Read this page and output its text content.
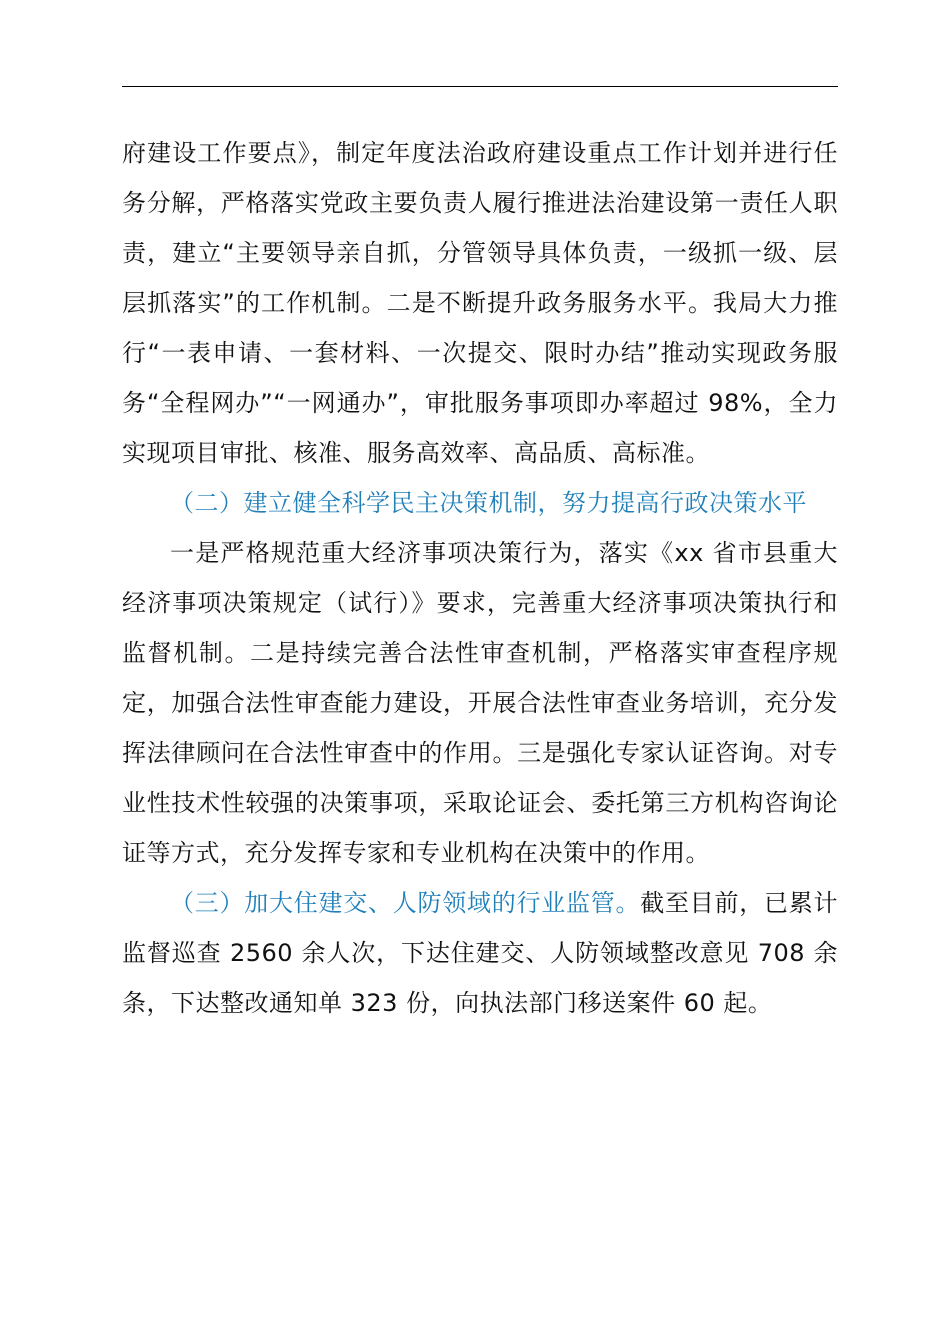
府建设工作要点》，制定年度法治政府建设重点工作计划并进行任务分解，严格落实党政主要负责人履行推进法治建设第一责任人职责，建立“主要领导亲自抓，分管领导具体负责，一级抓一级、层层抓落实”的工作机制。二是不断提升政务服务水平。我局大力推行“一表申请、一套材料、一次提交、限时办结”推动实现政务服务“全程网办”“一网通办”，审批服务事项即办率超过 98%，全力实现项目审批、核准、服务高效率、高品质、高标准。

（二）建立健全科学民主决策机制，努力提高行政决策水平

一是严格规范重大经济事项决策行为，落实《xx 省市县重大经济事项决策规定（试行）》要求，完善重大经济事项决策执行和监督机制。二是持续完善合法性审查机制，严格落实审查程序规定，加强合法性审查能力建设，开展合法性审查业务培训，充分发挥法律顾问在合法性审查中的作用。三是强化专家认证咨询。对专业性技术性较强的决策事项，采取论证会、委托第三方机构咨询论证等方式，充分发挥专家和专业机构在决策中的作用。

（三）加大住建交、人防领域的行业监管。截至目前，已累计监督巡查 2560 余人次，下达住建交、人防领域整改意见 708 余条，下达整改通知单 323 份，向执法部门移送案件 60 起。
